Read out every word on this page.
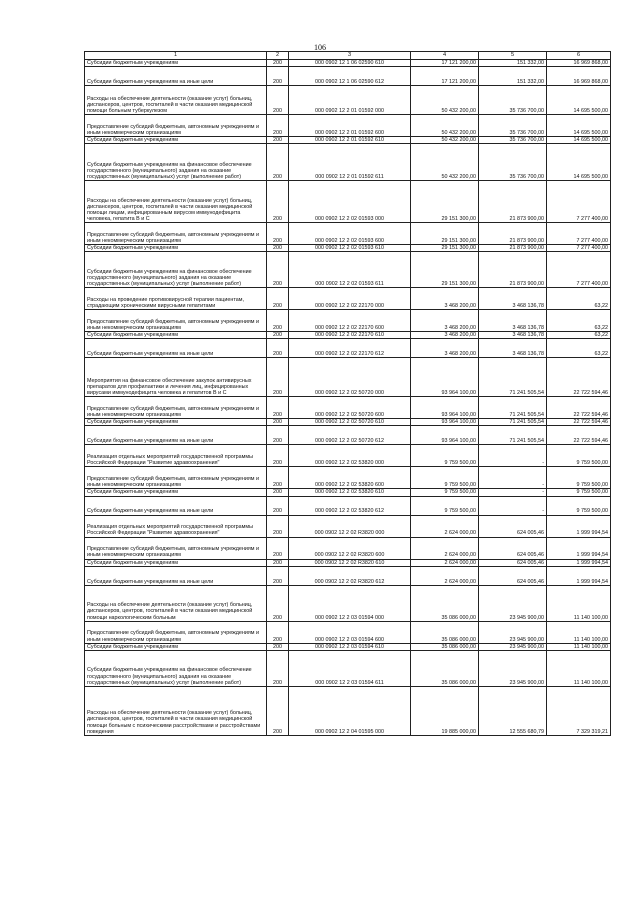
106
1	2	3	4	5	6
Субсидии бюджетным учреждениям	200	000 0902 12 1 06 02590 610	17 121 200,00	151 332,00	16 969 868,00
Субсидии бюджетным учреждениям на иные цели	200	000 0902 12 1 06 02590 612	17 121 200,00	151 332,00	16 969 868,00
Расходы на обеспечение деятельности (оказание услуг) больниц, диспансеров, центров, госпиталей в части оказания медицинской помощи больным туберкулезом	200	000 0902 12 2 01 01592 000	50 432 200,00	35 736 700,00	14 695 500,00
Предоставление субсидий бюджетным, автономным учреждениям и иным некоммерческим организациям	200	000 0902 12 2 01 01592 600	50 432 200,00	35 736 700,00	14 695 500,00
Субсидии бюджетным учреждениям	200	000 0902 12 2 01 01592 610	50 432 200,00	35 736 700,00	14 695 500,00
Субсидии бюджетным учреждениям на финансовое обеспечение государственного (муниципального) задания на оказание государственных (муниципальных) услуг (выполнение работ)	200	000 0902 12 2 01 01592 611	50 432 200,00	35 736 700,00	14 695 500,00
Расходы на обеспечение деятельности (оказание услуг) больниц, диспансеров, центров, госпиталей в части оказания медицинской помощи лицам, инфицированным вирусом иммунодефицита человека, гепатита В и С	200	000 0902 12 2 02 01593 000	29 151 300,00	21 873 900,00	7 277 400,00
Предоставление субсидий бюджетным, автономным учреждениям и иным некоммерческим организациям	200	000 0902 12 2 02 01593 600	29 151 300,00	21 873 900,00	7 277 400,00
Субсидии бюджетным учреждениям	200	000 0902 12 2 02 01593 610	29 151 300,00	21 873 900,00	7 277 400,00
Субсидии бюджетным учреждениям на финансовое обеспечение государственного (муниципального) задания на оказание государственных (муниципальных) услуг (выполнение работ)	200	000 0902 12 2 02 01593 611	29 151 300,00	21 873 900,00	7 277 400,00
Расходы на проведение противовирусной терапии пациентам, страдающим хроническими вирусными гепатитами	200	000 0902 12 2 02 22170 000	3 468 200,00	3 468 136,78	63,22
Предоставление субсидий бюджетным, автономным учреждениям и иным некоммерческим организациям	200	000 0902 12 2 02 22170 600	3 468 200,00	3 468 136,78	63,22
Субсидии бюджетным учреждениям	200	000 0902 12 2 02 22170 610	3 468 200,00	3 468 136,78	63,22
Субсидии бюджетным учреждениям на иные цели	200	000 0902 12 2 02 22170 612	3 468 200,00	3 468 136,78	63,22
Мероприятия на финансовое обеспечение закупок антивирусных препаратов для профилактики и лечения лиц, инфицированных вирусами иммунодефицита человека и гепатитов В и С	200	000 0902 12 2 02 50720 000	93 964 100,00	71 241 505,54	22 722 594,46
Предоставление субсидий бюджетным, автономным учреждениям и иным некоммерческим организациям	200	000 0902 12 2 02 50720 600	93 964 100,00	71 241 505,54	22 722 594,46
Субсидии бюджетным учреждениям	200	000 0902 12 2 02 50720 610	93 964 100,00	71 241 505,54	22 722 594,46
Субсидии бюджетным учреждениям на иные цели	200	000 0902 12 2 02 50720 612	93 964 100,00	71 241 505,54	22 722 594,46
Реализация отдельных мероприятий государственной программы Российской Федерации "Развитие здравоохранения"	200	000 0902 12 2 02 53820 000	9 759 500,00	-	9 759 500,00
Предоставление субсидий бюджетным, автономным учреждениям и иным некоммерческим организациям	200	000 0902 12 2 02 53820 600	9 759 500,00	-	9 759 500,00
Субсидии бюджетным учреждениям	200	000 0902 12 2 02 53820 610	9 759 500,00	-	9 759 500,00
Субсидии бюджетным учреждениям на иные цели	200	000 0902 12 2 02 53820 612	9 759 500,00	-	9 759 500,00
Реализация отдельных мероприятий государственной программы Российской Федерации "Развитие здравоохранения"	200	000 0902 12 2 02 R3820 000	2 624 000,00	624 005,46	1 999 994,54
Предоставление субсидий бюджетным, автономным учреждениям и иным некоммерческим организациям	200	000 0902 12 2 02 R3820 600	2 624 000,00	624 005,46	1 999 994,54
Субсидии бюджетным учреждениям	200	000 0902 12 2 02 R3820 610	2 624 000,00	624 005,46	1 999 994,54
Субсидии бюджетным учреждениям на иные цели	200	000 0902 12 2 02 R3820 612	2 624 000,00	624 005,46	1 999 994,54
Расходы на обеспечение деятельности (оказание услуг) больниц, диспансеров, центров, госпиталей в части оказания медицинской помощи наркологическим больным	200	000 0902 12 2 03 01594 000	35 086 000,00	23 945 900,00	11 140 100,00
Предоставление субсидий бюджетным, автономным учреждениям и иным некоммерческим организациям	200	000 0902 12 2 03 01594 600	35 086 000,00	23 945 900,00	11 140 100,00
Субсидии бюджетным учреждениям	200	000 0902 12 2 03 01594 610	35 086 000,00	23 945 900,00	11 140 100,00
Субсидии бюджетным учреждениям на финансовое обеспечение государственного (муниципального) задания на оказание государственных (муниципальных) услуг (выполнение работ)	200	000 0902 12 2 03 01594 611	35 086 000,00	23 945 900,00	11 140 100,00
Расходы на обеспечение деятельности (оказание услуг) больниц, диспансеров, центров, госпиталей в части оказания медицинской помощи больным с психическими расстройствами и расстройствами поведения	200	000 0902 12 2 04 01595 000	19 885 000,00	12 555 680,79	7 329 319,21
